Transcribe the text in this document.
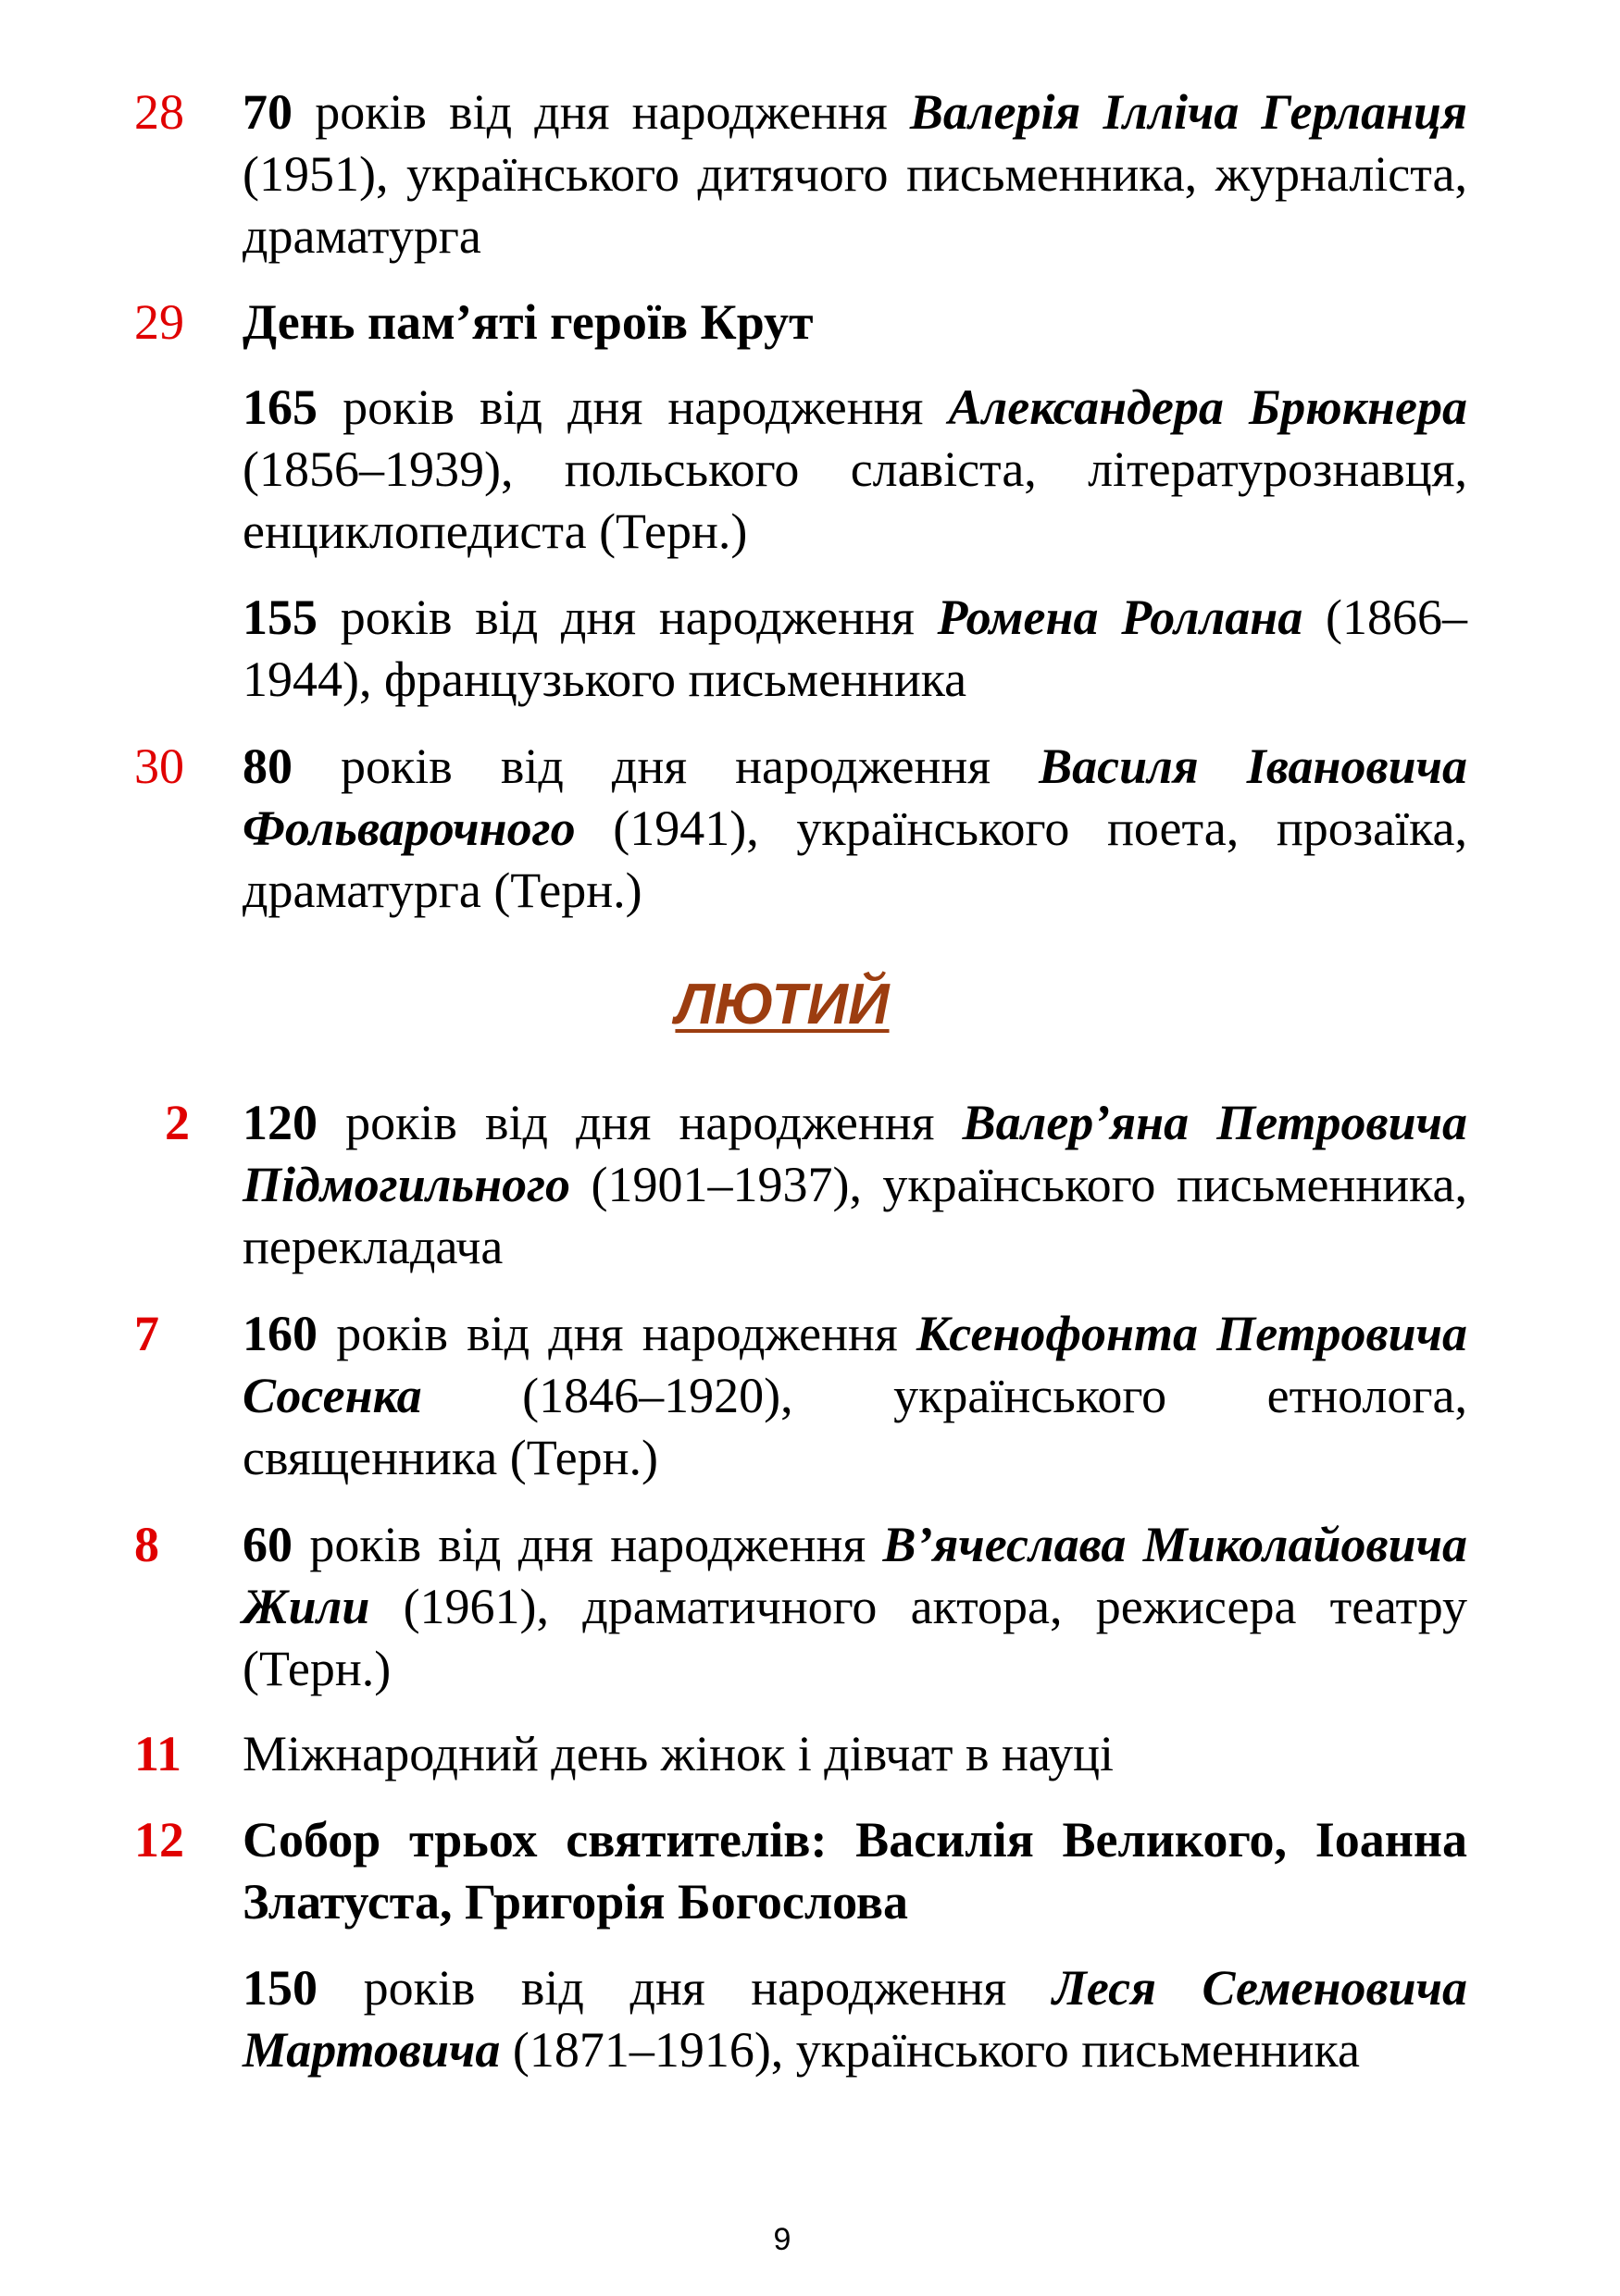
28	70 років від дня народження Валерія Ілліча Герланця (1951), українського дитячого письменника, журналіста, драматурга
29	День пам’яті героїв Крут
165 років від дня народження Александера Брюкнера (1856–1939), польського славіста, літературознавця, енциклопедиста (Терн.)
155 років від дня народження Ромена Роллана (1866–1944), французького письменника
30	80 років від дня народження Василя Івановича Фольварочного (1941), українського поета, прозаїка, драматурга (Терн.)
ЛЮТИЙ
2 120 років від дня народження Валер’яна Петровича Підмогильного (1901–1937), українського письменника, перекладача
7	160 років від дня народження Ксенофонта Петровича Сосенка (1846–1920), українського етнолога, священника (Терн.)
8	60 років від дня народження В’ячеслава Миколайовича Жили (1961), драматичного актора, режисера театру (Терн.)
11	Міжнародний день жінок і дівчат в науці
12	Собор трьох святителів: Василія Великого, Іоанна Златуста, Григорія Богослова
150 років від дня народження Леся Семеновича Мартовича (1871–1916), українського письменника
9
